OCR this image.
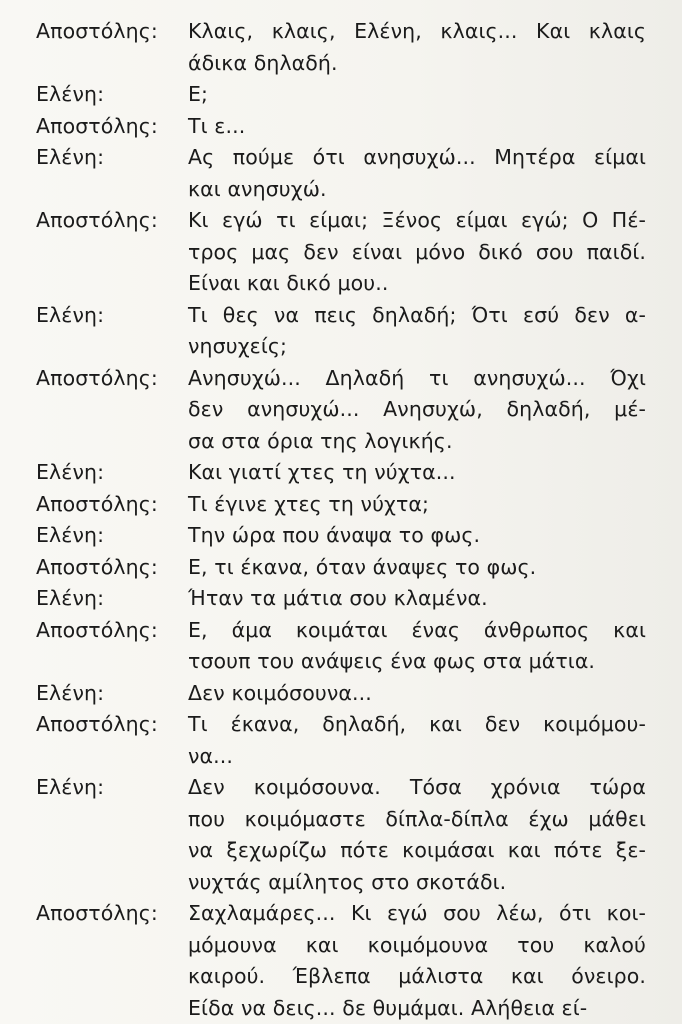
Αποστόλης:	Κλαις, κλαις, Ελένη, κλαις... Και κλαις
άδικα δηλαδή.
Ελένη:	Ε;
Αποστόλης:	Τι ε...
Ελένη:	Ας πούμε ότι ανησυχώ... Μητέρα είμαι
και ανησυχώ.
Αποστόλης:	Κι εγώ τι είμαι; Ξένος είμαι εγώ; Ο Πέ-
τρος μας δεν είναι μόνο δικό σου παιδί.
Είναι και δικό μου..
Ελένη:	Τι θες να πεις δηλαδή; Ότι εσύ δεν α-
νησυχείς;
Αποστόλης:	Ανησυχώ... Δηλαδή τι ανησυχώ... Όχι
δεν ανησυχώ... Ανησυχώ, δηλαδή, μέ-
σα στα όρια της λογικής.
Ελένη:	Και γιατί χτες τη νύχτα...
Αποστόλης:	Τι έγινε χτες τη νύχτα;
Ελένη:	Την ώρα που άναψα το φως.
Αποστόλης:	Ε, τι έκανα, όταν άναψες το φως.
Ελένη:	Ήταν τα μάτια σου κλαμένα.
Αποστόλης:	Ε, άμα κοιμάται ένας άνθρωπος και
τσουπ του ανάψεις ένα φως στα μάτια.
Ελένη:	Δεν κοιμόσουνα...
Αποστόλης:	Τι έκανα, δηλαδή, και δεν κοιμόμου-
να...
Ελένη:	Δεν κοιμόσουνα. Τόσα χρόνια τώρα
που κοιμόμαστε δίπλα-δίπλα έχω μάθει
να ξεχωρίζω πότε κοιμάσαι και πότε ξε-
νυχτάς αμίλητος στο σκοτάδι.
Αποστόλης:	Σαχλαμάρες... Κι εγώ σου λέω, ότι κοι-
μόμουνα και κοιμόμουνα του καλού
καιρού. Έβλεπα μάλιστα και όνειρο.
Είδα να δεις... δε θυμάμαι. Αλήθεια εί-
